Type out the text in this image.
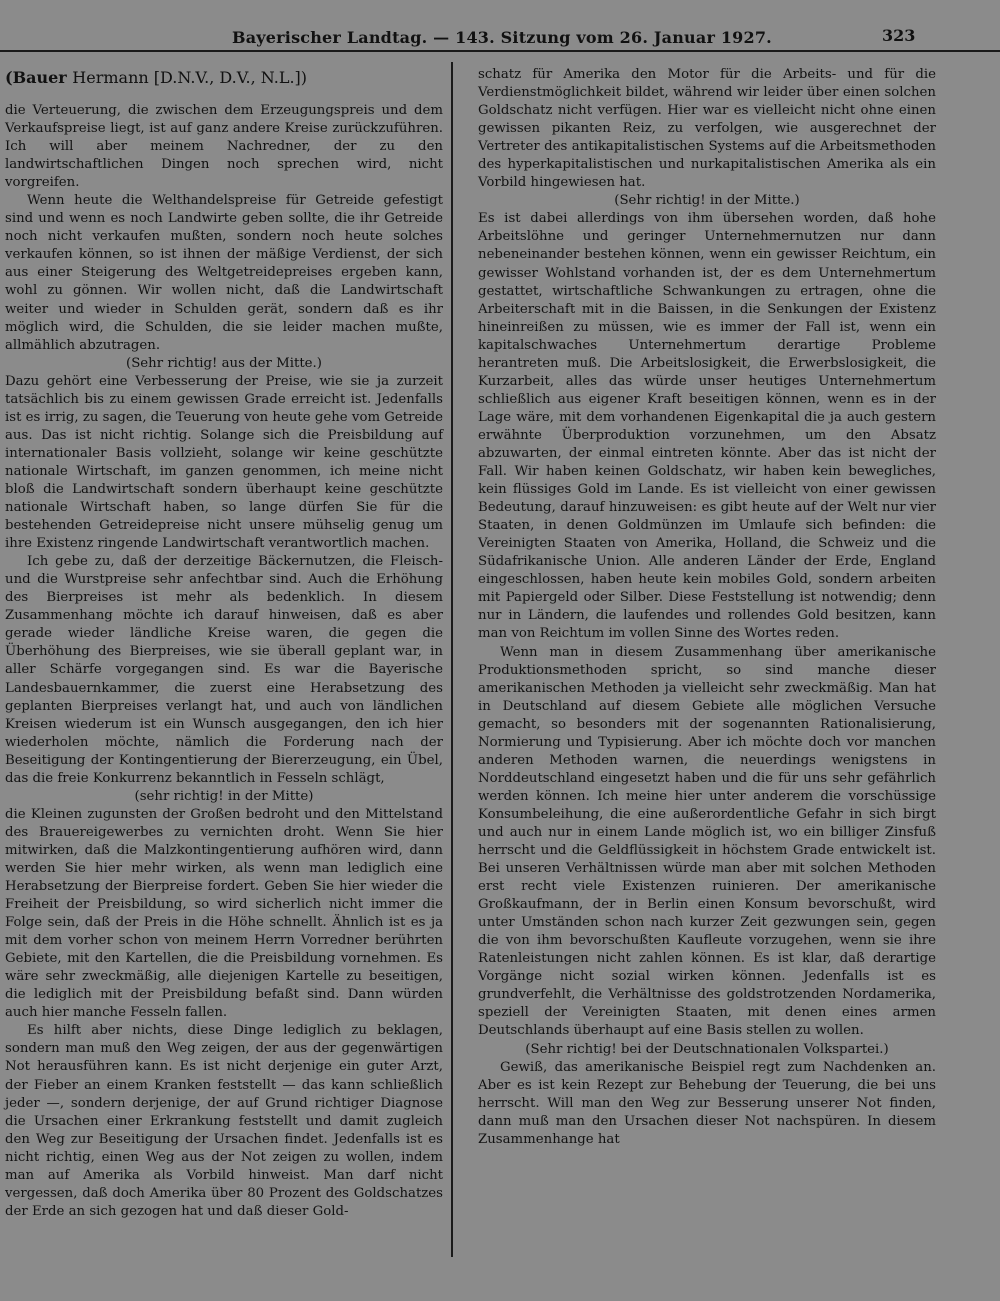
Bayerischer Landtag. — 143. Sitzung vom 26. Januar 1927.	323
(Bauer Hermann [D.N.V., D.V., N.L.])

die Verteuerung, die zwischen dem Erzeugungspreis und dem Verkaufspreise liegt, ist auf ganz andere Kreise zurückzuführen. Ich will aber meinem Nachredner, der zu den landwirtschaftlichen Dingen noch sprechen wird, nicht vorgreifen.

Wenn heute die Welthandelspreise für Getreide gefestigt sind und wenn es noch Landwirte geben sollte, die ihr Getreide noch nicht verkaufen mußten, sondern noch heute solches verkaufen können, so ist ihnen der mäßige Verdienst, der sich aus einer Steigerung des Weltgetreidepreises ergeben kann, wohl zu gönnen. Wir wollen nicht, daß die Landwirtschaft weiter und wieder in Schulden gerät, sondern daß es ihr möglich wird, die Schulden, die sie leider machen mußte, allmählich abzutragen.

(Sehr richtig! aus der Mitte.)

Dazu gehört eine Verbesserung der Preise, wie sie ja zurzeit tatsächlich bis zu einem gewissen Grade erreicht ist. Jedenfalls ist es irrig, zu sagen, die Teuerung von heute gehe vom Getreide aus. Das ist nicht richtig. Solange sich die Preisbildung auf internationaler Basis vollzieht, solange wir keine geschützte nationale Wirtschaft, im ganzen genommen, ich meine nicht bloß die Landwirtschaft sondern überhaupt keine geschützte nationale Wirtschaft haben, so lange dürfen Sie für die bestehenden Getreidepreise nicht unsere mühselig genug um ihre Existenz ringende Landwirtschaft verantwortlich machen.

Ich gebe zu, daß der derzeitige Bäckernutzen, die Fleisch- und die Wurstpreise sehr anfechtbar sind. Auch die Erhöhung des Bierpreises ist mehr als bedenklich. In diesem Zusammenhang möchte ich darauf hinweisen, daß es aber gerade wieder ländliche Kreise waren, die gegen die Überhöhung des Bierpreises, wie sie überall geplant war, in aller Schärfe vorgegangen sind. Es war die Bayerische Landesbauernkammer, die zuerst eine Herabsetzung des geplanten Bierpreises verlangt hat, und auch von ländlichen Kreisen wiederum ist ein Wunsch ausgegangen, den ich hier wiederholen möchte, nämlich die Forderung nach der Beseitigung der Kontingentierung der Biererzeugung, ein Übel, das die freie Konkurrenz bekanntlich in Fesseln schlägt,

(sehr richtig! in der Mitte)

die Kleinen zugunsten der Großen bedroht und den Mittelstand des Brauereigewerbes zu vernichten droht. Wenn Sie hier mitwirken, daß die Malzkontingentierung aufhören wird, dann werden Sie hier mehr wirken, als wenn man lediglich eine Herabsetzung der Bierpreise fordert. Geben Sie hier wieder die Freiheit der Preisbildung, so wird sicherlich nicht immer die Folge sein, daß der Preis in die Höhe schnellt. Ähnlich ist es ja mit dem vorher schon von meinem Herrn Vorredner berührten Gebiete, mit den Kartellen, die die Preisbildung vornehmen. Es wäre sehr zweckmäßig, alle diejenigen Kartelle zu beseitigen, die lediglich mit der Preisbildung befaßt sind. Dann würden auch hier manche Fesseln fallen.

Es hilft aber nichts, diese Dinge lediglich zu beklagen, sondern man muß den Weg zeigen, der aus der gegenwärtigen Not herausführen kann. Es ist nicht derjenige ein guter Arzt, der Fieber an einem Kranken feststellt — das kann schließlich jeder —, sondern derjenige, der auf Grund richtiger Diagnose die Ursachen einer Erkrankung feststellt und damit zugleich den Weg zur Beseitigung der Ursachen findet. Jedenfalls ist es nicht richtig, einen Weg aus der Not zeigen zu wollen, indem man auf Amerika als Vorbild hinweist. Man darf nicht vergessen, daß doch Amerika über 80 Prozent des Goldschatzes der Erde an sich gezogen hat und daß dieser Gold-

schatz für Amerika den Motor für die Arbeits- und für die Verdienstmöglichkeit bildet, während wir leider über einen solchen Goldschatz nicht verfügen. Hier war es vielleicht nicht ohne einen gewissen pikanten Reiz, zu verfolgen, wie ausgerechnet der Vertreter des antikapitalistischen Systems auf die Arbeitsmethoden des hyperkapitalistischen und nurkapitalistischen Amerika als ein Vorbild hingewiesen hat.

(Sehr richtig! in der Mitte.)

Es ist dabei allerdings von ihm übersehen worden, daß hohe Arbeitslöhne und geringer Unternehmernutzen nur dann nebeneinander bestehen können, wenn ein gewisser Reichtum, ein gewisser Wohlstand vorhanden ist, der es dem Unternehmertum gestattet, wirtschaftliche Schwankungen zu ertragen, ohne die Arbeiterschaft mit in die Baissen, in die Senkungen der Existenz hineinreißen zu müssen, wie es immer der Fall ist, wenn ein kapitalschwaches Unternehmertum derartige Probleme herantreten muß. Die Arbeitslosigkeit, die Erwerbslosigkeit, die Kurzarbeit, alles das würde unser heutiges Unternehmertum schließlich aus eigener Kraft beseitigen können, wenn es in der Lage wäre, mit dem vorhandenen Eigenkapital die ja auch gestern erwähnte Überproduktion vorzunehmen, um den Absatz abzuwarten, der einmal eintreten könnte. Aber das ist nicht der Fall. Wir haben keinen Goldschatz, wir haben kein bewegliches, kein flüssiges Gold im Lande. Es ist vielleicht von einer gewissen Bedeutung, darauf hinzuweisen: es gibt heute auf der Welt nur vier Staaten, in denen Goldmünzen im Umlaufe sich befinden: die Vereinigten Staaten von Amerika, Holland, die Schweiz und die Südafrikanische Union. Alle anderen Länder der Erde, England eingeschlossen, haben heute kein mobiles Gold, sondern arbeiten mit Papiergeld oder Silber. Diese Feststellung ist notwendig; denn nur in Ländern, die laufendes und rollendes Gold besitzen, kann man von Reichtum im vollen Sinne des Wortes reden.

Wenn man in diesem Zusammenhang über amerikanische Produktionsmethoden spricht, so sind manche dieser amerikanischen Methoden ja vielleicht sehr zweckmäßig. Man hat in Deutschland auf diesem Gebiete alle möglichen Versuche gemacht, so besonders mit der sogenannten Rationalisierung, Normierung und Typisierung. Aber ich möchte doch vor manchen anderen Methoden warnen, die neuerdings wenigstens in Norddeutschland eingesetzt haben und die für uns sehr gefährlich werden können. Ich meine hier unter anderem die vorschüssige Konsumbeleihung, die eine außerordentliche Gefahr in sich birgt und auch nur in einem Lande möglich ist, wo ein billiger Zinsfuß herrscht und die Geldflüssigkeit in höchstem Grade entwickelt ist. Bei unseren Verhältnissen würde man aber mit solchen Methoden erst recht viele Existenzen ruinieren. Der amerikanische Großkaufmann, der in Berlin einen Konsum bevorschußt, wird unter Umständen schon nach kurzer Zeit gezwungen sein, gegen die von ihm bevorschußten Kaufleute vorzugehen, wenn sie ihre Ratenleistungen nicht zahlen können. Es ist klar, daß derartige Vorgänge nicht sozial wirken können. Jedenfalls ist es grundverfehlt, die Verhältnisse des goldstrotzenden Nordamerika, speziell der Vereinigten Staaten, mit denen eines armen Deutschlands überhaupt auf eine Basis stellen zu wollen.

(Sehr richtig! bei der Deutschnationalen Volkspartei.)

Gewiß, das amerikanische Beispiel regt zum Nachdenken an. Aber es ist kein Rezept zur Behebung der Teuerung, die bei uns herrscht. Will man den Weg zur Besserung unserer Not finden, dann muß man den Ursachen dieser Not nachspüren. In diesem Zusammenhange hat
